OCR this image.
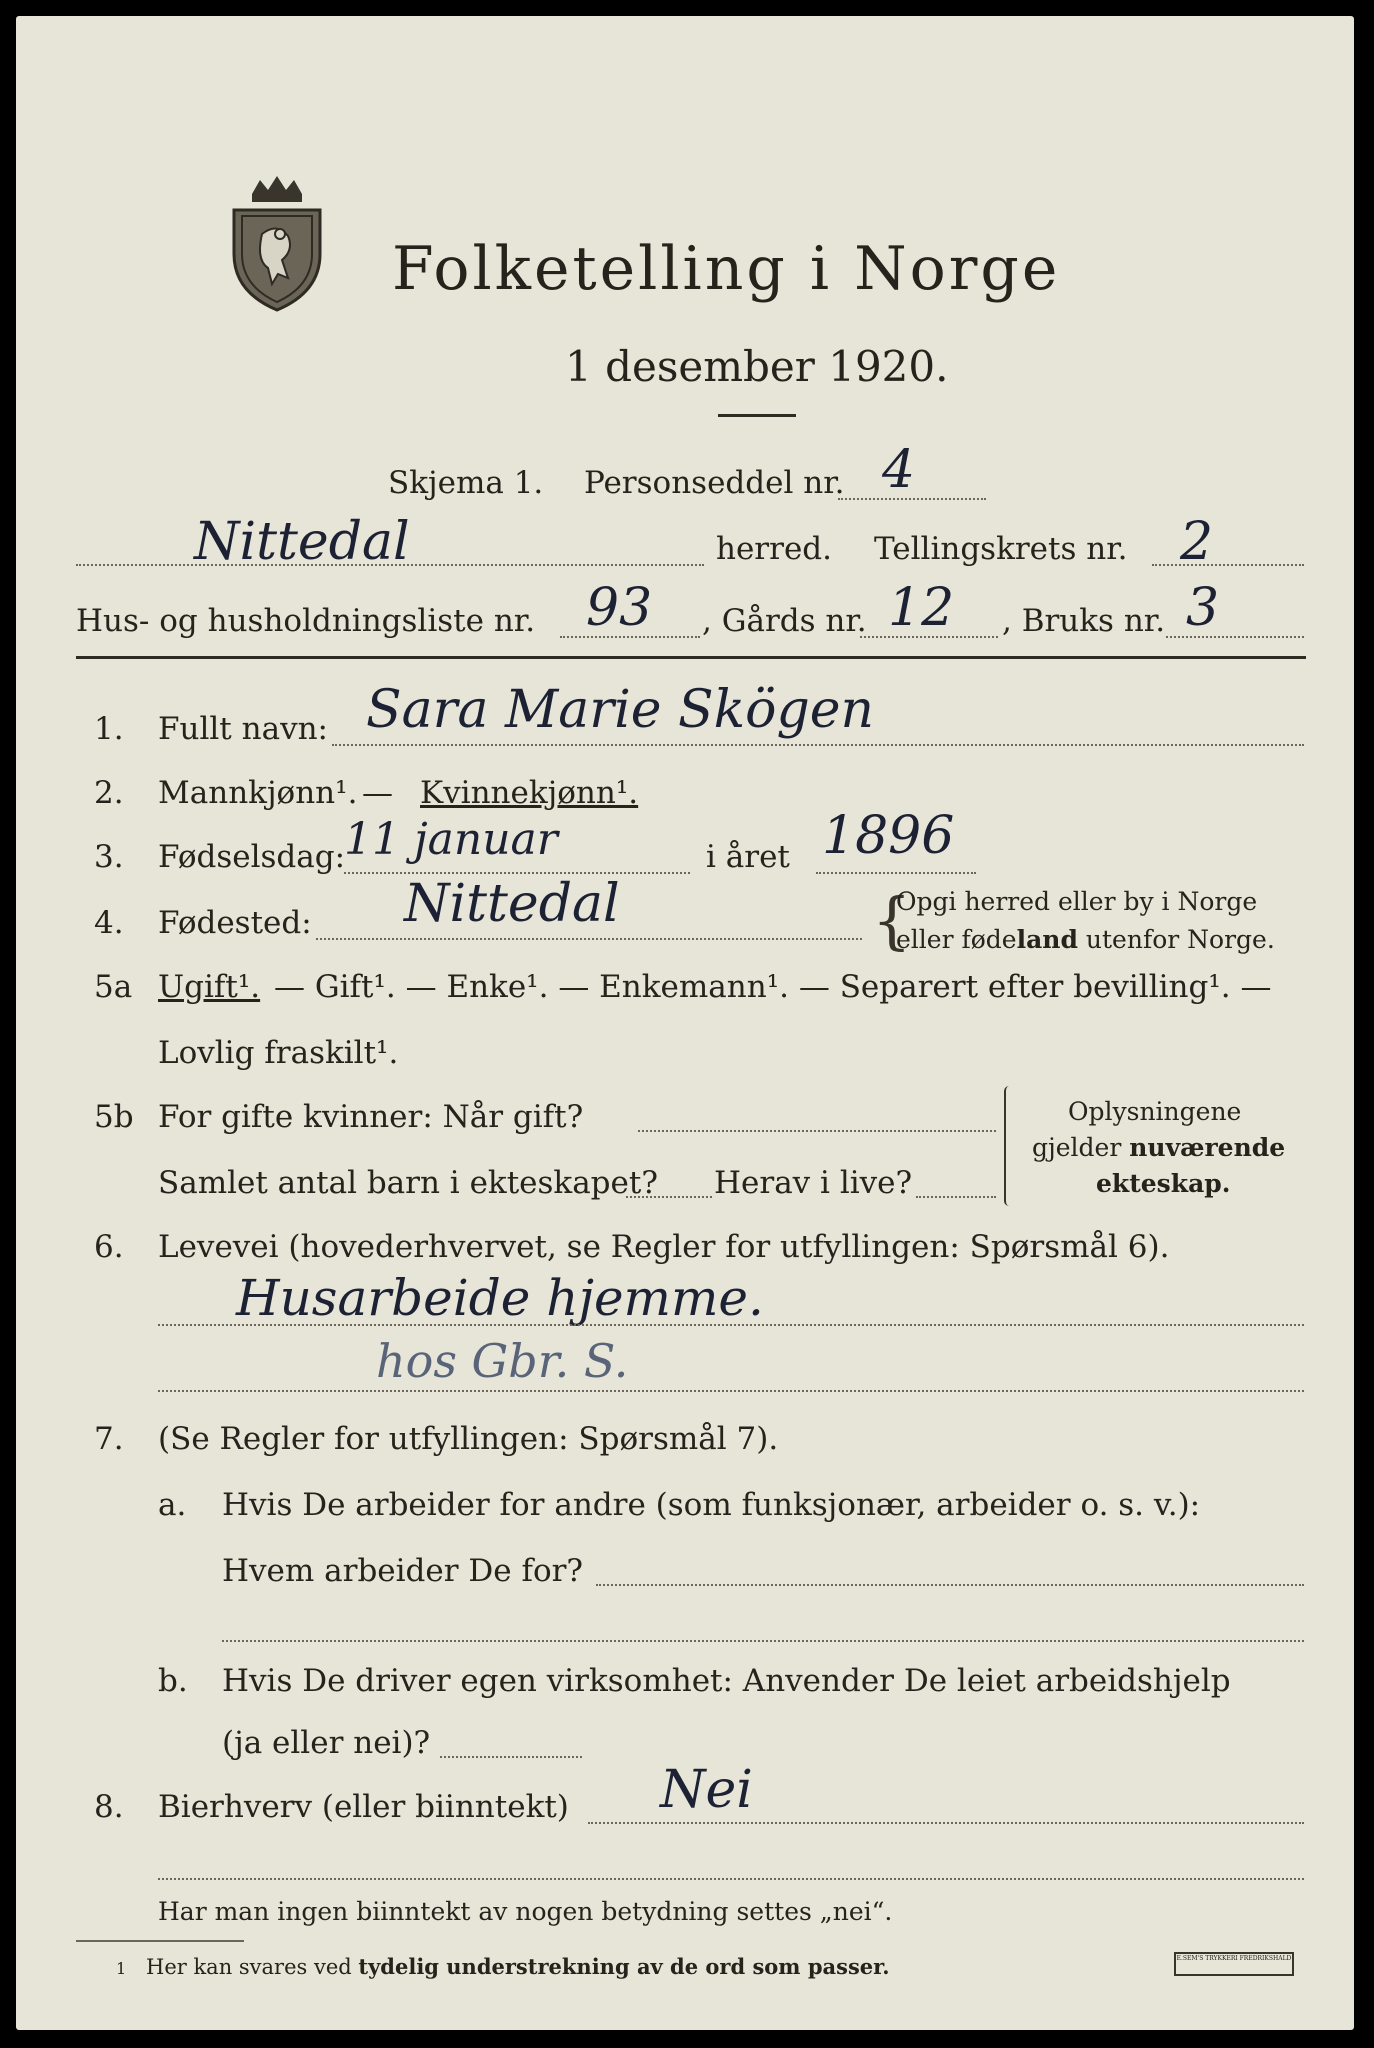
Folketelling i Norge
1 desember 1920.
Skjema 1. Personseddel nr. 4
Nittedal	herred. Tellingskrets nr. 2
Hus- og husholdningsliste nr. 93 , Gårds nr. 12 , Bruks nr. 3
1. Fullt navn: Sara Marie Skögen
2. Mannkjønn¹. — Kvinnekjønn¹.
3. Fødselsdag:
11 januar	i året 1896
4. Fødested: Nittedal	{
Opgi herred eller by i Norge
eller fødeland utenfor Norge.
5a Ugift¹. — Gift¹. — Enke¹. — Enkemann¹. — Separert efter bevilling¹. —
Lovlig fraskilt¹.
5b For gifte kvinner: Når gift?
Samlet antal barn i ekteskapet? Herav i live?
Oplysningene
gjelder nuværende
ekteskap.
6. Levevei (hovederhvervet, se Regler for utfyllingen: Spørsmål 6).
Husarbeide hjemme.
hos Gbr. S.
7. (Se Regler for utfyllingen: Spørsmål 7).
a. Hvis De arbeider for andre (som funksjonær, arbeider o. s. v.):
Hvem arbeider De for?
b. Hvis De driver egen virksomhet: Anvender De leiet arbeidshjelp
(ja eller nei)?
8. Bierhverv (eller biinntekt) Nei
Har man ingen biinntekt av nogen betydning settes „nei“.
1 Her kan svares ved tydelig understrekning av de ord som passer.	E.SEM'S TRYKKERI FREDRIKSHALD
